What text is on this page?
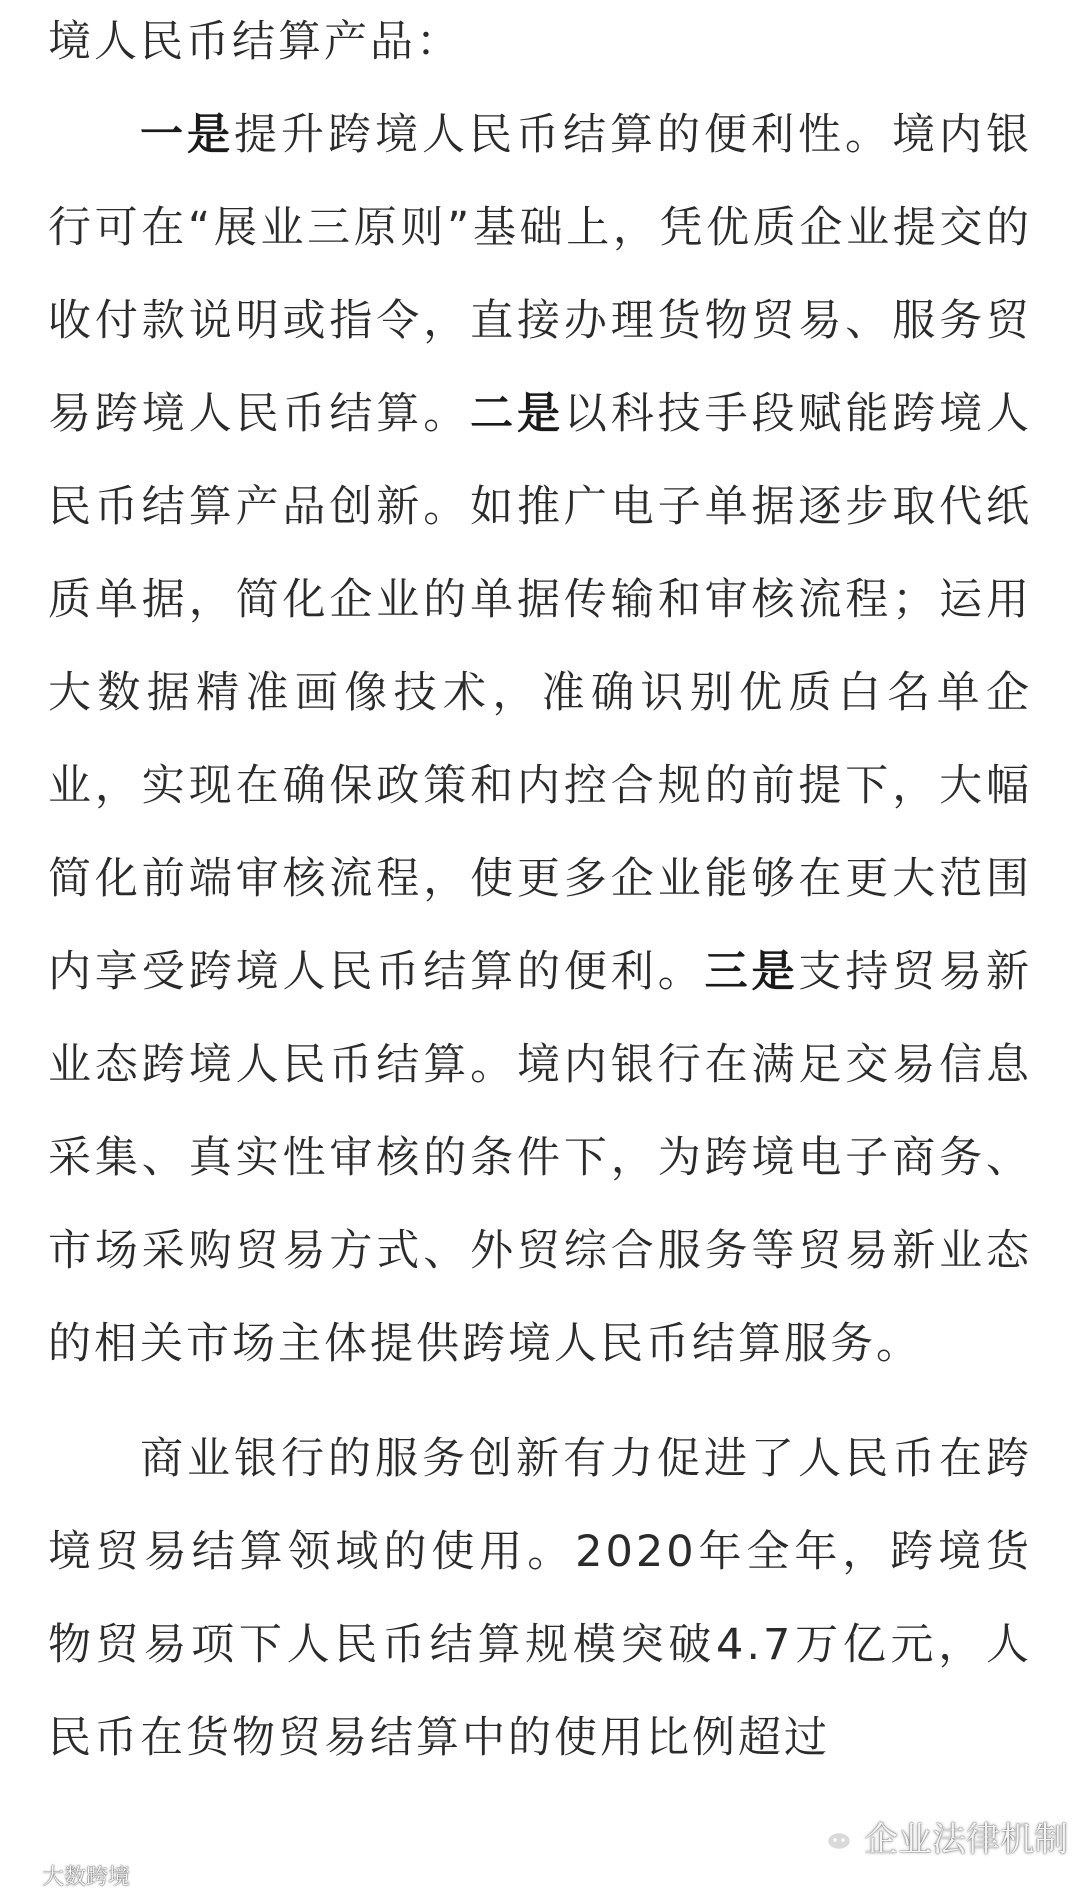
境人民币结算产品：

一是提升跨境人民币结算的便利性。境内银行可在“展业三原则”基础上，凭优质企业提交的收付款说明或指令，直接办理货物贸易、服务贸易跨境人民币结算。二是以科技手段赋能跨境人民币结算产品创新。如推广电子单据逐步取代纸质单据，简化企业的单据传输和审核流程；运用大数据精准画像技术，准确识别优质白名单企业，实现在确保政策和内控合规的前提下，大幅简化前端审核流程，使更多企业能够在更大范围内享受跨境人民币结算的便利。三是支持贸易新业态跨境人民币结算。境内银行在满足交易信息采集、真实性审核的条件下，为跨境电子商务、市场采购贸易方式、外贸综合服务等贸易新业态的相关市场主体提供跨境人民币结算服务。

商业银行的服务创新有力促进了人民币在跨境贸易结算领域的使用。2020年全年，跨境货物贸易项下人民币结算规模突破4.7万亿元，人民币在货物贸易结算中的使用比例超过

大数跨境
企业法律机制
